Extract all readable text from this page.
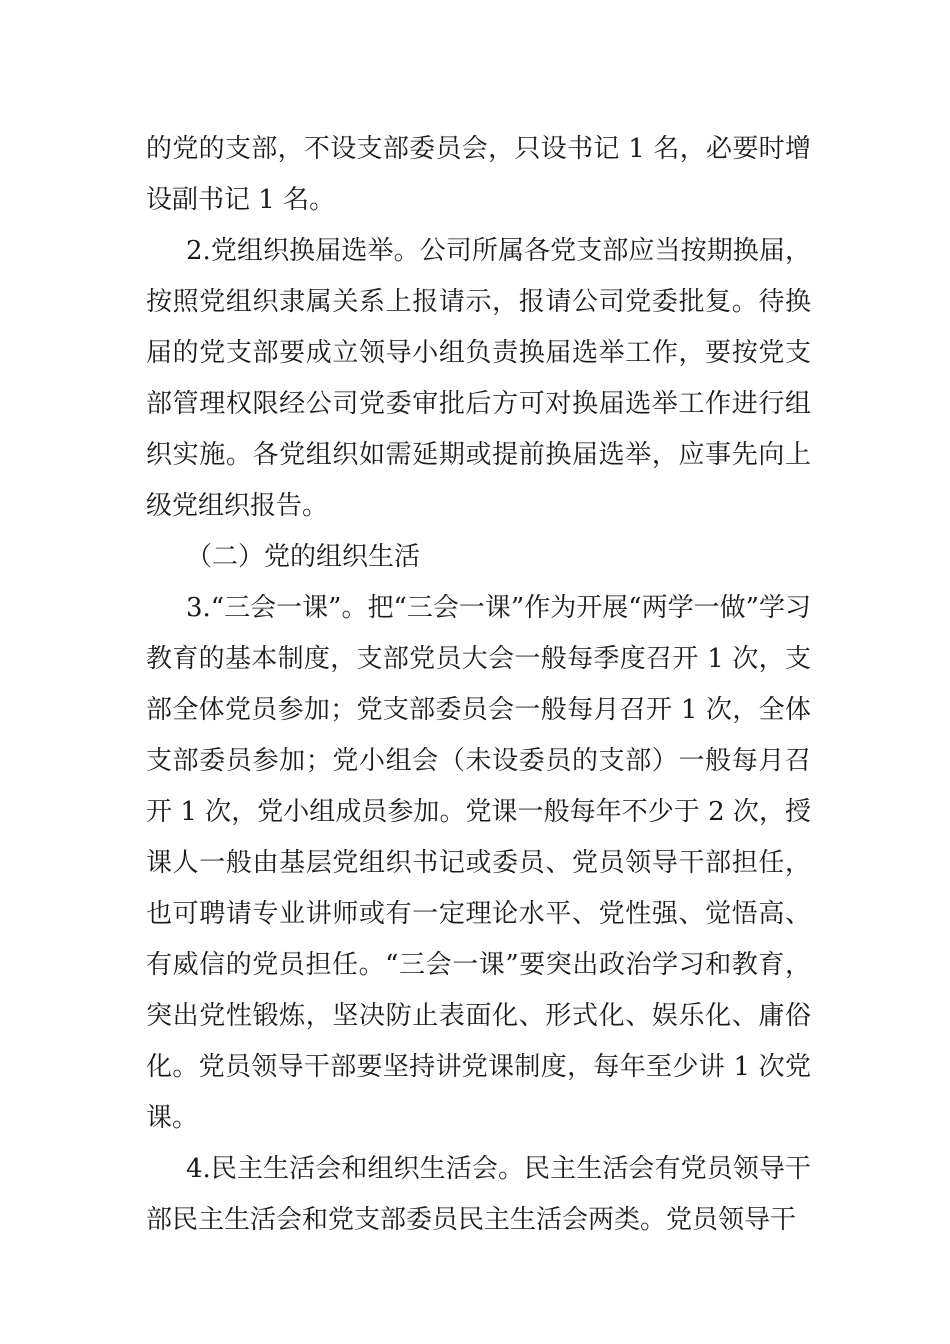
的党的支部，不设支部委员会，只设书记 1 名，必要时增设副书记 1 名。

2.党组织换届选举。公司所属各党支部应当按期换届，按照党组织隶属关系上报请示，报请公司党委批复。待换届的党支部要成立领导小组负责换届选举工作，要按党支部管理权限经公司党委审批后方可对换届选举工作进行组织实施。各党组织如需延期或提前换届选举，应事先向上级党组织报告。

（二）党的组织生活

3.“三会一课”。把“三会一课”作为开展“两学一做”学习教育的基本制度，支部党员大会一般每季度召开 1 次，支部全体党员参加；党支部委员会一般每月召开 1 次，全体支部委员参加；党小组会（未设委员的支部）一般每月召开 1 次，党小组成员参加。党课一般每年不少于 2 次，授课人一般由基层党组织书记或委员、党员领导干部担任，也可聘请专业讲师或有一定理论水平、党性强、觉悟高、有威信的党员担任。“三会一课”要突出政治学习和教育，突出党性锻炼，坚决防止表面化、形式化、娱乐化、庸俗化。党员领导干部要坚持讲党课制度，每年至少讲 1 次党课。

4.民主生活会和组织生活会。民主生活会有党员领导干部民主生活会和党支部委员民主生活会两类。党员领导干
